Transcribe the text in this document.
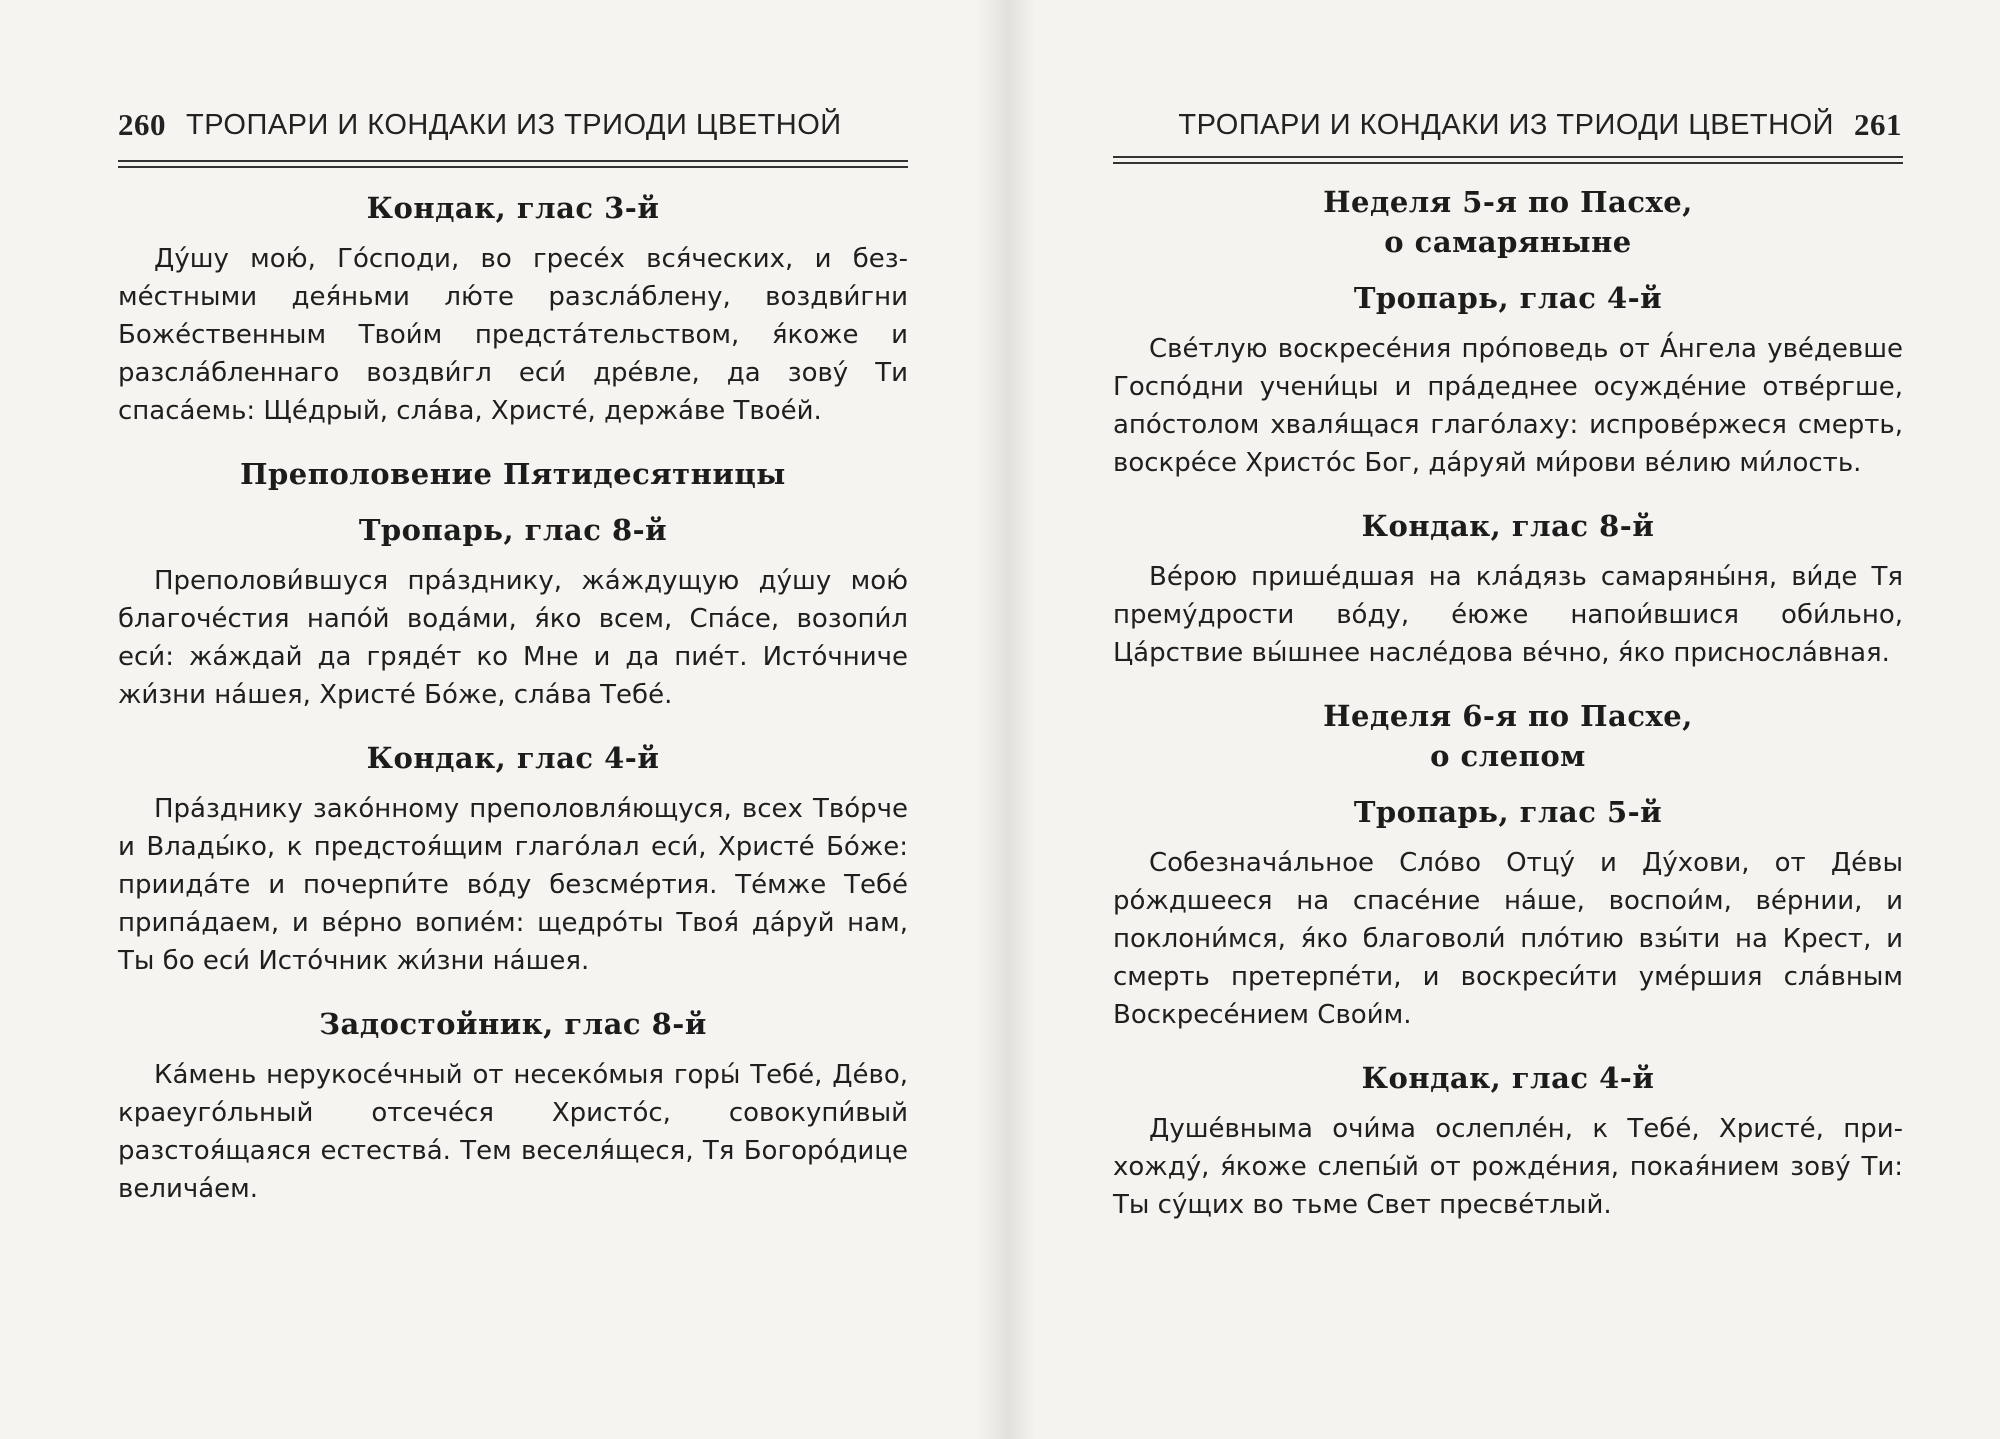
260 ТРОПАРИ И КОНДАКИ ИЗ ТРИОДИ ЦВЕТНОЙ

Кондак, глас 3-й

Ду́шу мою́, Го́споди, во гресе́х вся́ческих, и безме́стными дея́ньми лю́те разсла́блену, воздви́гни Боже́ственным Твои́м предста́тельством, я́коже и разсла́бленнаго воздви́гл еси́ дре́вле, да зову́ Ти спаса́емь: Ще́дрый, сла́ва, Христе́, держа́ве Твое́й.

Преполовение Пятидесятницы

Тропарь, глас 8-й

Преполови́вшуся пра́зднику, жа́ждущую ду́шу мою́ благоче́стия напо́й вода́ми, я́ко всем, Спа́се, возопи́л еси́: жа́ждай да гряде́т ко Мне и да пие́т. Исто́чниче жи́зни на́шея, Христе́ Бо́же, сла́ва Тебе́.

Кондак, глас 4-й

Пра́зднику зако́нному преполовля́ющуся, всех Тво́рче и Влады́ко, к предстоя́щим глаго́лал еси́, Христе́ Бо́же: приида́те и почерпи́те во́ду безсме́ртия. Те́мже Тебе́ припа́даем, и ве́рно вопие́м: щедро́ты Твоя́ да́руй нам, Ты бо еси́ Исто́чник жи́зни на́шея.

Задостойник, глас 8-й

Ка́мень нерукосе́чный от несеко́мыя горы́ Тебе́, Де́во, краеуго́льный отсече́ся Христо́с, совокупи́вый разстоя́щаяся естества́. Тем веселя́щеся, Тя Богоро́дице велича́ем.

ТРОПАРИ И КОНДАКИ ИЗ ТРИОДИ ЦВЕТНОЙ 261

Неделя 5-я по Пасхе,

о самаряныне

Тропарь, глас 4-й

Све́тлую воскресе́ния про́поведь от А́нгела уве́девше Госпо́дни учени́цы и пра́деднее осужде́ние отве́ргше, апо́столом хваля́щася глаго́лаху: испрове́ржеся смерть, воскре́се Христо́с Бог, да́руяй ми́рови ве́лию ми́лость.

Кондак, глас 8-й

Ве́рою прише́дшая на кла́дязь самаряны́ня, ви́де Тя прему́дрости во́ду, е́юже напои́вшися оби́льно, Ца́рствие вы́шнее насле́дова ве́чно, я́ко присносла́вная.

Неделя 6-я по Пасхе,

о слепом

Тропарь, глас 5-й

Собезнача́льное Сло́во Отцу́ и Ду́хови, от Де́вы ро́ждшееся на спасе́ние на́ше, воспои́м, ве́рнии, и поклони́мся, я́ко благоволи́ пло́тию взы́ти на Крест, и смерть претерпе́ти, и воскреси́ти уме́ршия сла́вным Воскресе́нием Свои́м.

Кондак, глас 4-й

Душе́вныма очи́ма ослепле́н, к Тебе́, Христе́, прихожду́, я́коже слепы́й от рожде́ния, покая́нием зову́ Ти: Ты су́щих во тьме Свет пресве́тлый.
